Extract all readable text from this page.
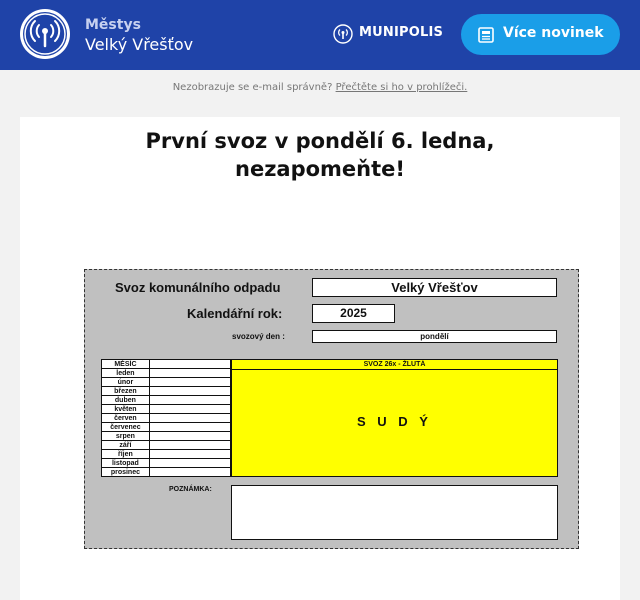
Městys
Velký Vřešťov
MUNIPOLIS	Více novinek
Nezobrazuje se e-mail správně? Přečtěte si ho v prohlížeči.
První svoz v pondělí 6. ledna,
nezapomeňte!
Svoz komunálního odpadu	Velký Vřešťov
Kalendářní rok:	2025
svozový den :	pondělí
MĚSÍC	
leden	
únor	
březen	
duben	
květen	
červen	
červenec	
srpen	
září	
říjen	
listopad	
prosinec	
SVOZ 26x - ŽLUTÁ
S U D Ý
POZNÁMKA:
